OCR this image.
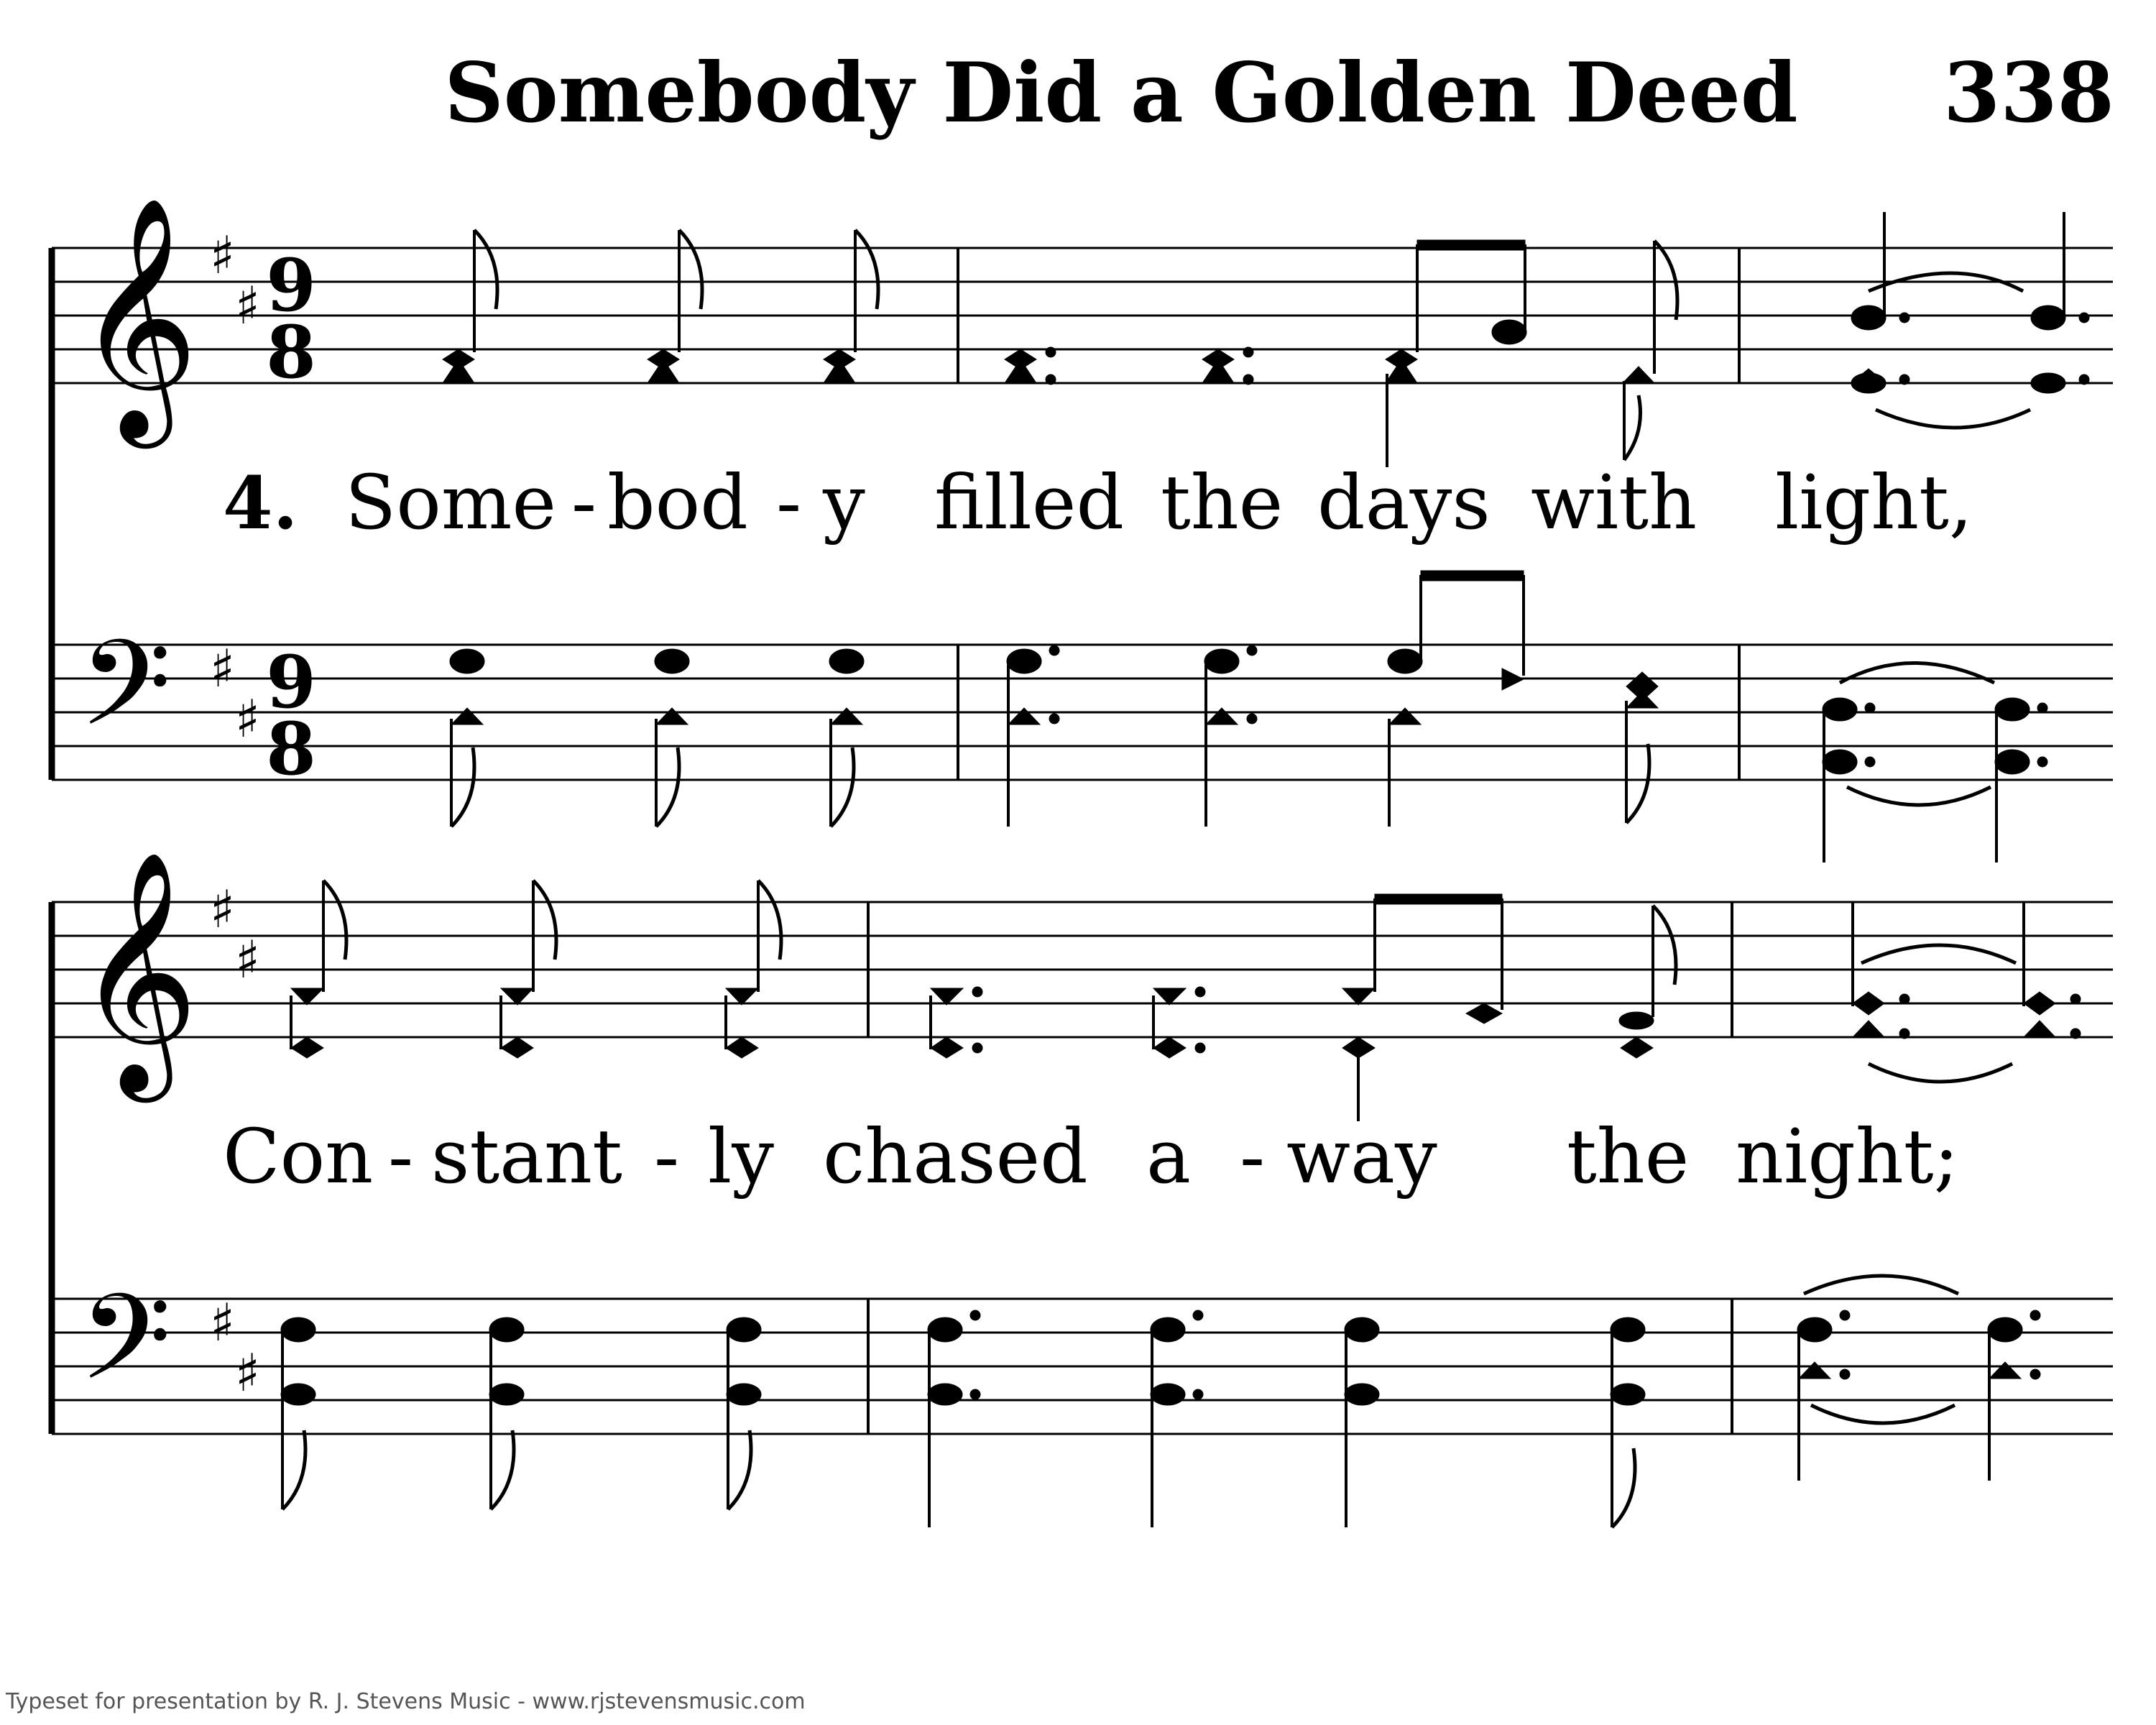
Somebody Did a Golden Deed 338
𝄞
𝄢
♯
♯
♯
♯
9
8
9
8
4. Some - bod - y filled the days with light,
𝄞
𝄢
♯
♯
♯
♯
Con - stant - ly chased a - way the night;
Typeset for presentation by R. J. Stevens Music - www.rjstevensmusic.com
